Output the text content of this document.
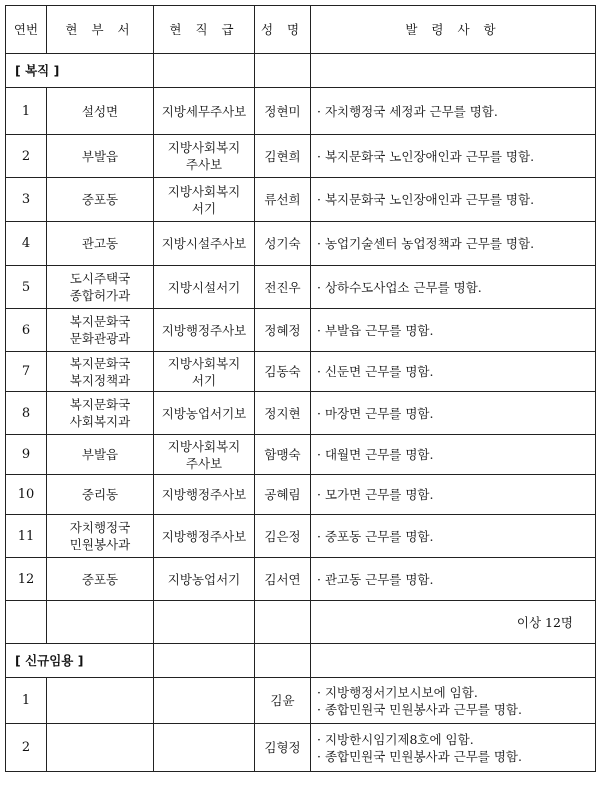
연번	현 부 서	현 직 급	성 명	발 령 사 항
[ 복직 ]				
1	설성면	지방세무주사보	정현미	· 자치행정국 세정과 근무를 명함.

2	부발읍	지방사회복지
주사보	김현희	· 복지문화국 노인장애인과 근무를 명함.

3	중포동	지방사회복지
서기	류선희	· 복지문화국 노인장애인과 근무를 명함.

4	관고동	지방시설주사보	성기숙	· 농업기술센터 농업정책과 근무를 명함.

5	도시주택국
종합허가과	지방시설서기	전진우	· 상하수도사업소 근무를 명함.

6	복지문화국
문화관광과	지방행정주사보	정혜정	· 부발읍 근무를 명함.

7	복지문화국
복지정책과	지방사회복지
서기	김동숙	· 신둔면 근무를 명함.

8	복지문화국
사회복지과	지방농업서기보	정지현	· 마장면 근무를 명함.

9	부발읍	지방사회복지
주사보	함맹숙	· 대월면 근무를 명함.

10	중리동	지방행정주사보	공혜림	· 모가면 근무를 명함.

11	자치행정국
민원봉사과	지방행정주사보	김은정	· 중포동 근무를 명함.

12	중포동	지방농업서기	김서연	· 관고동 근무를 명함.

				이상 12명
[ 신규임용 ]				
1			김윤	· 지방행정서기보시보에 임함.
· 종합민원국 민원봉사과 근무를 명함.

2			김형정	· 지방한시임기제8호에 임함.
· 종합민원국 민원봉사과 근무를 명함.
